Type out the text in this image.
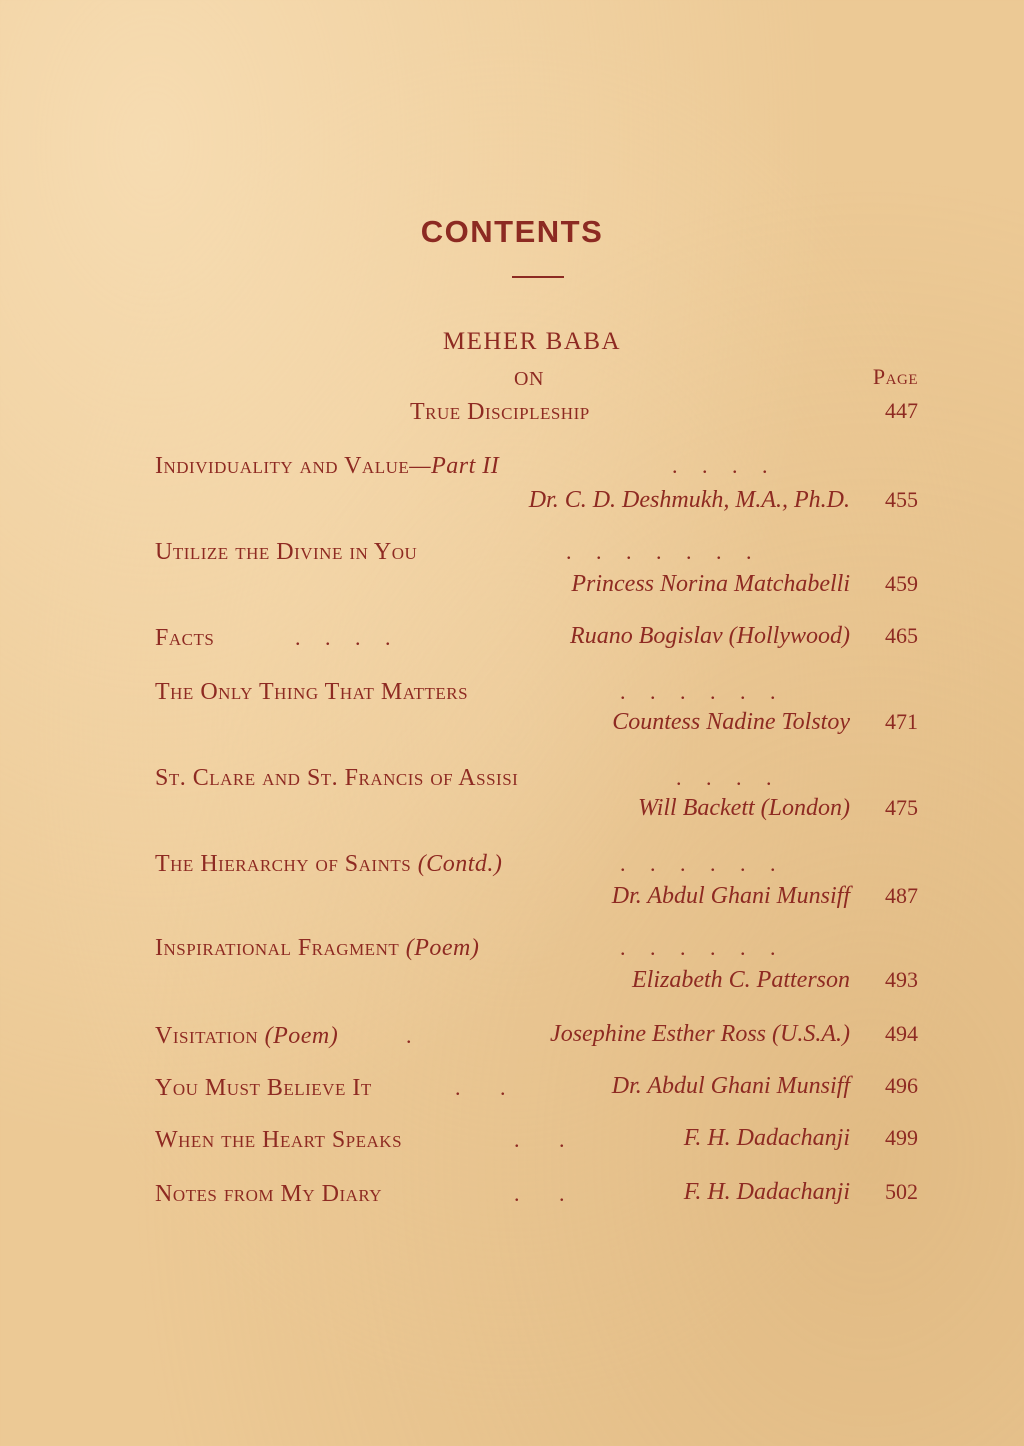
CONTENTS
MEHER BABA
ON	Page
True Discipleship	447
Individuality and Value—Part II	.   .   .   .
Dr. C. D. Deshmukh, M.A., Ph.D.	455
Utilize the Divine in You	.   .   .   .   .   .   .
Princess Norina Matchabelli	459
Facts	.   .   .   .	Ruano Bogislav (Hollywood)	465
The Only Thing That Matters	.   .   .   .   .   .
Countess Nadine Tolstoy	471
St. Clare and St. Francis of Assisi	.   .   .   .
Will Backett (London)	475
The Hierarchy of Saints (Contd.)	.   .   .   .   .   .
Dr. Abdul Ghani Munsiff	487
Inspirational Fragment (Poem)	.   .   .   .   .   .
Elizabeth C. Patterson	493
Visitation (Poem)	.	Josephine Esther Ross (U.S.A.)	494
You Must Believe It	.     .	Dr. Abdul Ghani Munsiff	496
When the Heart Speaks	.     .	F. H. Dadachanji	499
Notes from My Diary	.     .	F. H. Dadachanji	502
